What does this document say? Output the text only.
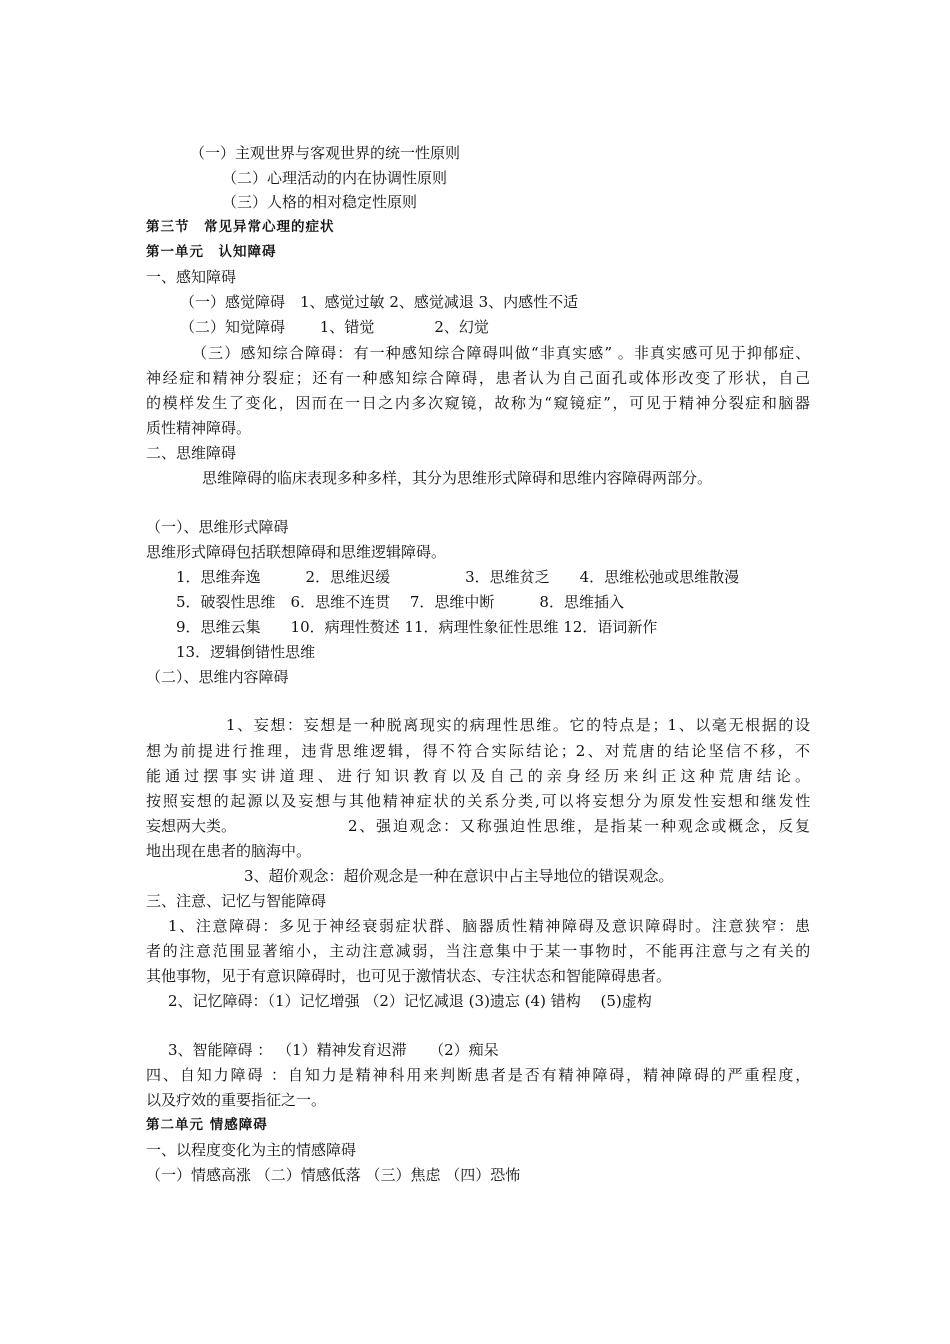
（一）主观世界与客观世界的统一性原则
（二）心理活动的内在协调性原则
（三）人格的相对稳定性原则
第三节　常见异常心理的症状
第一单元　认知障碍
一、感知障碍
（一）感觉障碍　1、感觉过敏 2、感觉减退 3、内感性不适
（二）知觉障碍　　 1、错觉　　　　2、幻觉
（三）感知综合障碍：有一种感知综合障碍叫做“非真实感” 。非真实感可见于抑郁症、
神经症和精神分裂症；还有一种感知综合障碍，患者认为自己面孔或体形改变了形状，自己
的模样发生了变化，因而在一日之内多次窥镜，故称为“窥镜症”，可见于精神分裂症和脑器
质性精神障碍。
二、思维障碍
思维障碍的临床表现多种多样，其分为思维形式障碍和思维内容障碍两部分。
（一）、思维形式障碍
思维形式障碍包括联想障碍和思维逻辑障碍。
1．思维奔逸　　　2．思维迟缓　　　　　3．思维贫乏　　4．思维松弛或思维散漫
5．破裂性思维　6．思维不连贯　 7．思维中断　　　8．思维插入
9．思维云集　　10．病理性赘述 11．病理性象征性思维 12．语词新作
13．逻辑倒错性思维
（二）、思维内容障碍
1、妄想：妄想是一种脱离现实的病理性思维。它的特点是；1、以毫无根据的设
想为前提进行推理，违背思维逻辑，得不符合实际结论；2、对荒唐的结论坚信不移，不
能通过摆事实讲道理、进行知识教育以及自己的亲身经历来纠正这种荒唐结论。
按照妄想的起源以及妄想与其他精神症状的关系分类,可以将妄想分为原发性妄想和继发性
妄想两大类。	2、强迫观念：又称强迫性思维，是指某一种观念或概念，反复
地出现在患者的脑海中。
3、超价观念：超价观念是一种在意识中占主导地位的错误观念。
三、注意、记忆与智能障碍
1、注意障碍：多见于神经衰弱症状群、脑器质性精神障碍及意识障碍时。注意狭窄：患
者的注意范围显著缩小，主动注意减弱，当注意集中于某一事物时，不能再注意与之有关的
其他事物，见于有意识障碍时，也可见于激情状态、专注状态和智能障碍患者。
2、记忆障碍：（1）记忆增强 （2）记忆减退 (3)遗忘 (4) 错构　 (5)虚构
3、智能障碍 ： （1）精神发育迟滞　　（2）痴呆
四、自知力障碍 ：自知力是精神科用来判断患者是否有精神障碍，精神障碍的严重程度，
以及疗效的重要指征之一。
第二单元 情感障碍
一、以程度变化为主的情感障碍
（一）情感高涨 （二）情感低落 （三）焦虑 （四）恐怖
